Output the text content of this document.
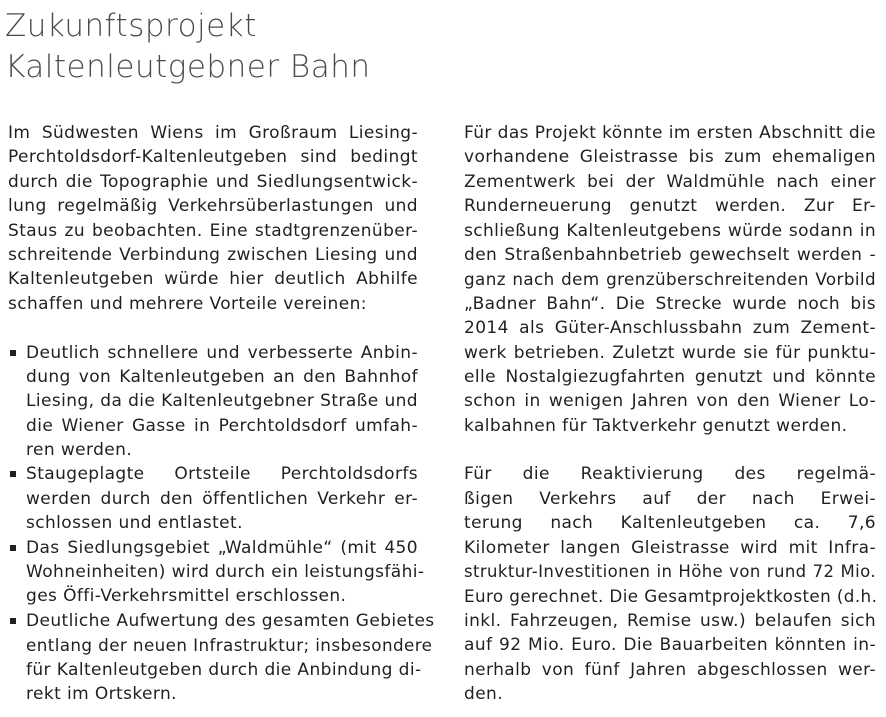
Zukunftsprojekt
Kaltenleutgebner Bahn
Im Südwesten Wiens im Großraum Liesing-
Perchtoldsdorf-Kaltenleutgeben sind bedingt
durch die Topographie und Siedlungsentwick-
lung regelmäßig Verkehrsüberlastungen und
Staus zu beobachten. Eine stadtgrenzenüber-
schreitende Verbindung zwischen Liesing und
Kaltenleutgeben würde hier deutlich Abhilfe
schaffen und mehrere Vorteile vereinen:
Deutlich schnellere und verbesserte Anbin-
dung von Kaltenleutgeben an den Bahnhof
Liesing, da die Kaltenleutgebner Straße und
die Wiener Gasse in Perchtoldsdorf umfah-
ren werden.
Staugeplagte Ortsteile Perchtoldsdorfs
werden durch den öffentlichen Verkehr er-
schlossen und entlastet.
Das Siedlungsgebiet „Waldmühle“ (mit 450
Wohneinheiten) wird durch ein leistungsfähi-
ges Öffi-Verkehrsmittel erschlossen.
Deutliche Aufwertung des gesamten Gebietes
entlang der neuen Infrastruktur; insbesondere
für Kaltenleutgeben durch die Anbindung di-
rekt im Ortskern.
Für das Projekt könnte im ersten Abschnitt die
vorhandene Gleistrasse bis zum ehemaligen
Zementwerk bei der Waldmühle nach einer
Runderneuerung genutzt werden. Zur Er-
schließung Kaltenleutgebens würde sodann in
den Straßenbahnbetrieb gewechselt werden -
ganz nach dem grenzüberschreitenden Vorbild
„Badner Bahn“. Die Strecke wurde noch bis
2014 als Güter-Anschlussbahn zum Zement-
werk betrieben. Zuletzt wurde sie für punktu-
elle Nostalgiezugfahrten genutzt und könnte
schon in wenigen Jahren von den Wiener Lo-
kalbahnen für Taktverkehr genutzt werden.
Für die Reaktivierung des regelmä-
ßigen Verkehrs auf der nach Erwei-
terung nach Kaltenleutgeben ca. 7,6
Kilometer langen Gleistrasse wird mit Infra-
struktur-Investitionen in Höhe von rund 72 Mio.
Euro gerechnet. Die Gesamtprojektkosten (d.h.
inkl. Fahrzeugen, Remise usw.) belaufen sich
auf 92 Mio. Euro. Die Bauarbeiten könnten in-
nerhalb von fünf Jahren abgeschlossen wer-
den.
